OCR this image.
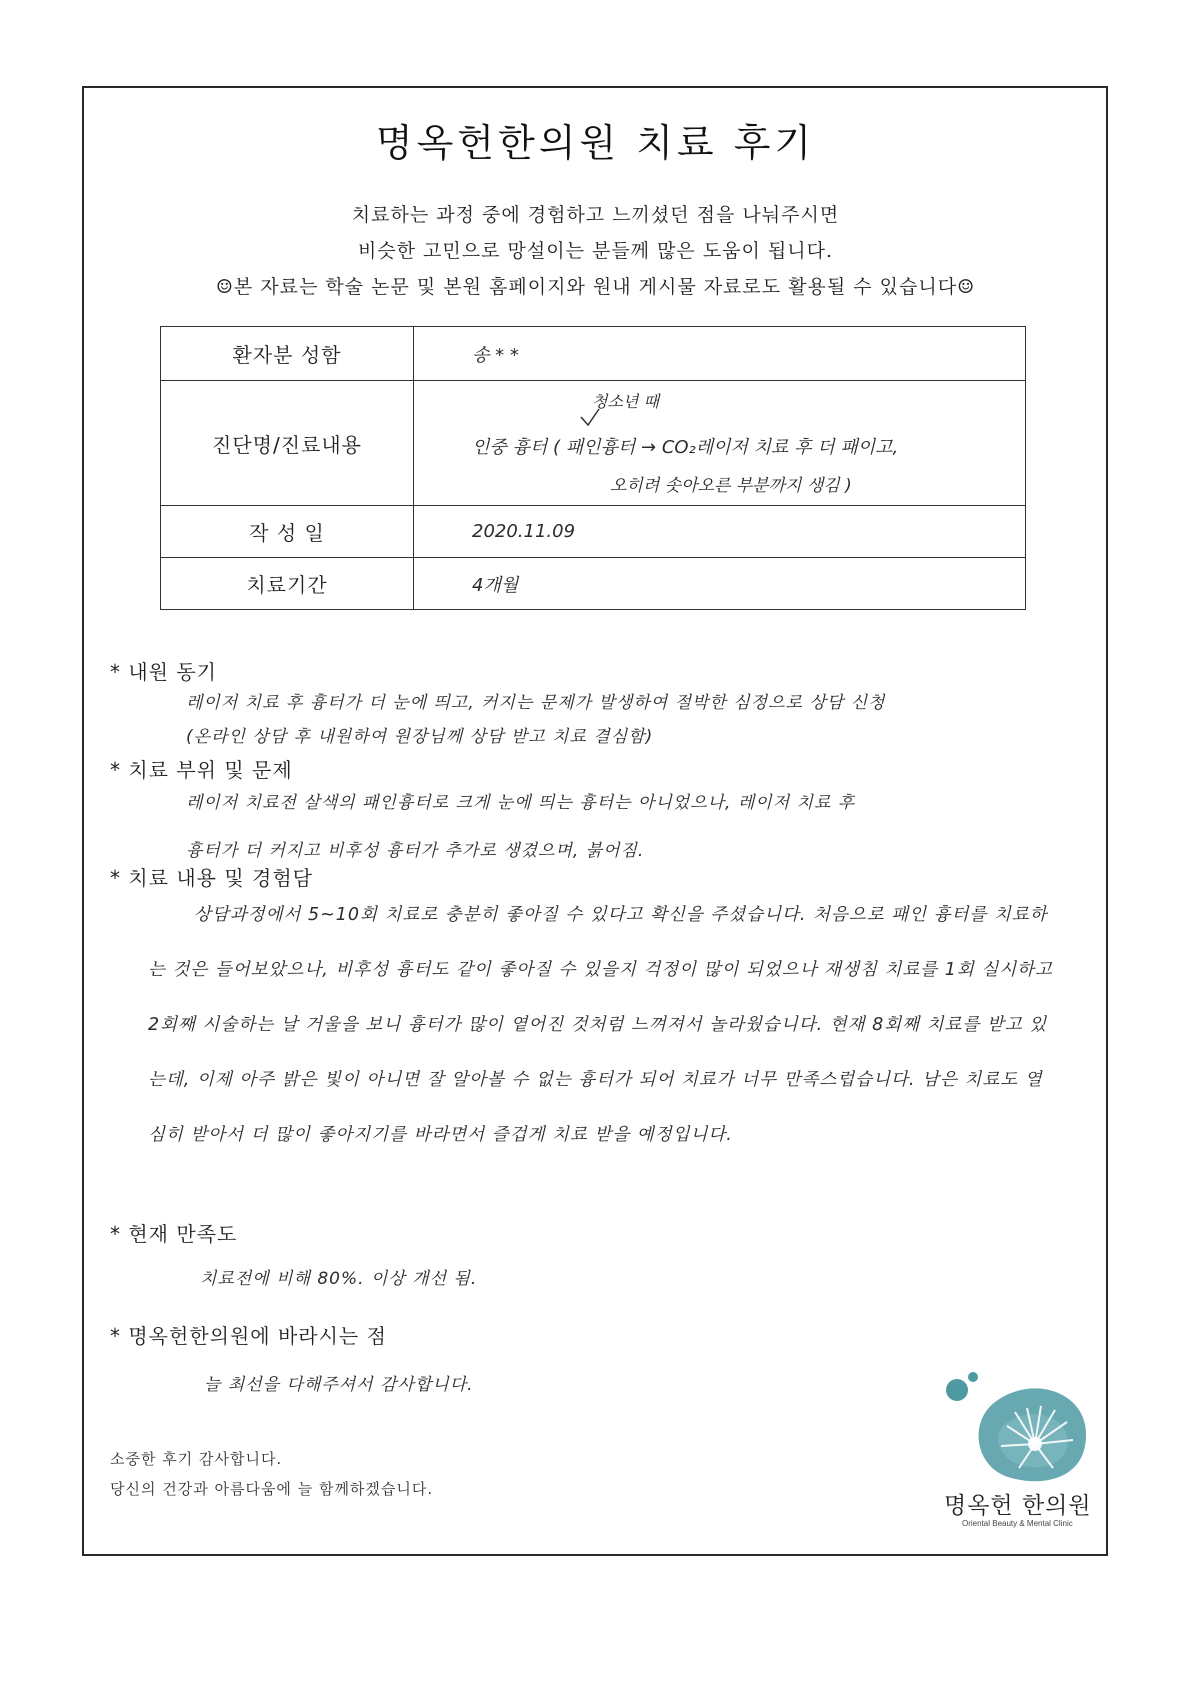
명옥헌한의원 치료 후기
치료하는 과정 중에 경험하고 느끼셨던 점을 나눠주시면
비슷한 고민으로 망설이는 분들께 많은 도움이 됩니다.
☺본 자료는 학술 논문 및 본원 홈페이지와 원내 게시물 자료로도 활용될 수 있습니다☺
환자분 성함	송 * *
진단명/진료내용	청소년 때
인중 흉터 ( 패인흉터 → CO₂레이저 치료 후 더 패이고,
오히려 솟아오른 부분까지 생김 )

작 성 일	2020.11.09
치료기간	4개월
* 내원 동기
레이저 치료 후 흉터가 더 눈에 띄고, 커지는 문제가 발생하여 절박한 심정으로 상담 신청
(온라인 상담 후 내원하여 원장님께 상담 받고 치료 결심함)
* 치료 부위 및 문제
레이저 치료전 살색의 패인흉터로 크게 눈에 띄는 흉터는 아니었으나, 레이저 치료 후
흉터가 더 커지고 비후성 흉터가 추가로 생겼으며, 붉어짐.
* 치료 내용 및 경험담
상담과정에서 5~10회 치료로 충분히 좋아질 수 있다고 확신을 주셨습니다. 처음으로 패인 흉터를 치료하는 것은 들어보았으나, 비후성 흉터도 같이 좋아질 수 있을지 걱정이 많이 되었으나 재생침 치료를 1회 실시하고 2회째 시술하는 날 거울을 보니 흉터가 많이 옅어진 것처럼 느껴져서 놀라웠습니다. 현재 8회째 치료를 받고 있는데, 이제 아주 밝은 빛이 아니면 잘 알아볼 수 없는 흉터가 되어 치료가 너무 만족스럽습니다. 남은 치료도 열심히 받아서 더 많이 좋아지기를 바라면서 즐겁게 치료 받을 예정입니다.
* 현재 만족도
치료전에 비해 80%. 이상 개선 됨.
* 명옥헌한의원에 바라시는 점
늘 최선을 다해주셔서 감사합니다.
소중한 후기 감사합니다.
당신의 건강과 아름다움에 늘 함께하겠습니다.
명옥헌 한의원
Oriental Beauty & Mental Clinic
